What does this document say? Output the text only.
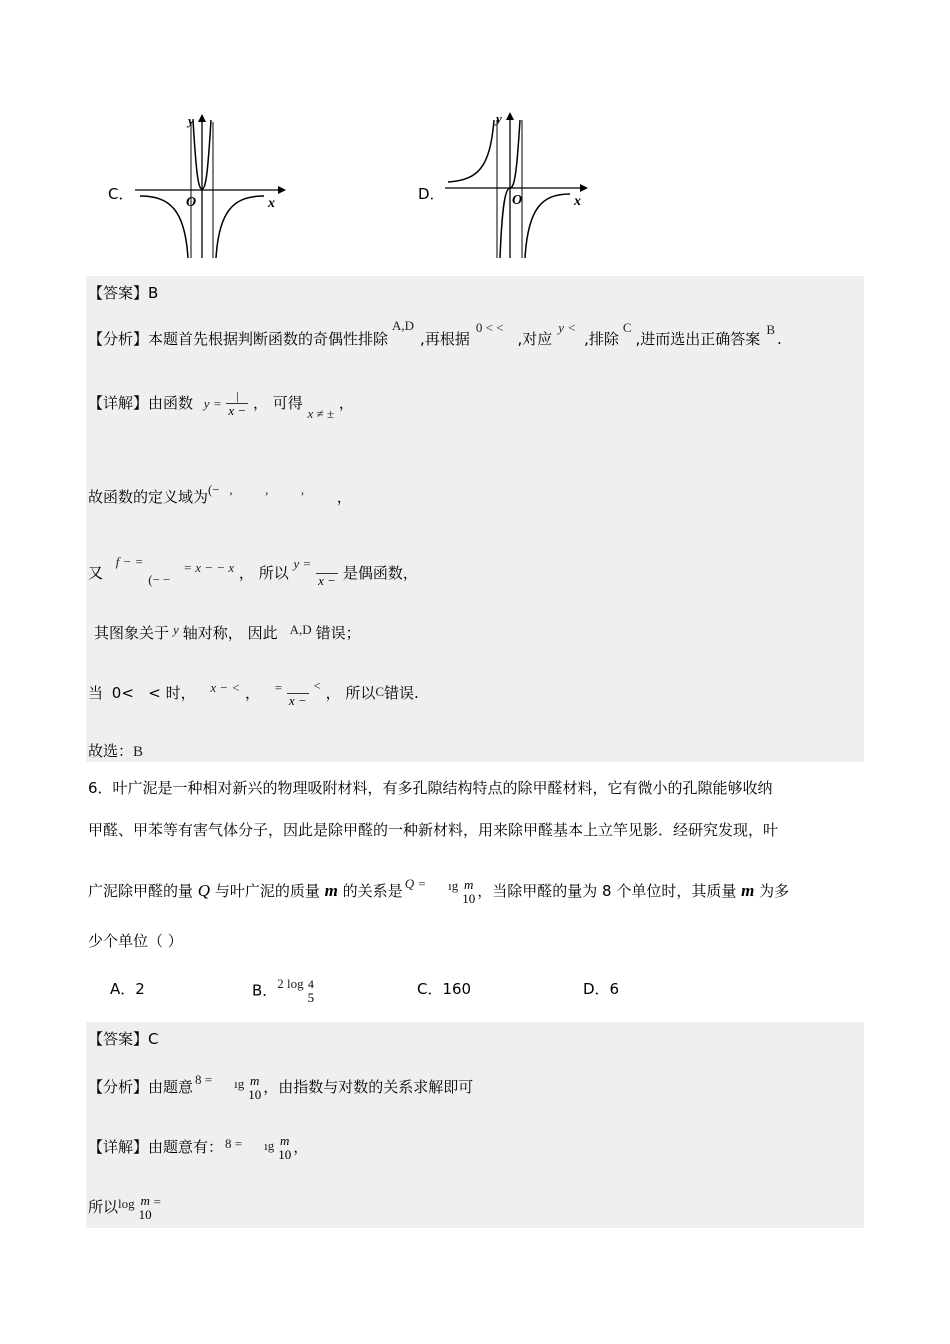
C．
y
x
O	D．
y
x
O
【答案】B
【分析】本题首先根据判断函数的奇偶性排除A,D,再根据0 < <,对应y <,排除C,进而选出正确答案B.
【详解】由函数 $y = \frac{|}{x -}$ ， 可得 x ≠ ± ，
故函数的定义域为(−   ,          ,          ,          ，
又 f − = (− − = x − − x ， 所以 y =

x − 是偶函数，
其图象关于 y 轴对称， 因此 A,D 错误；
当 0<   < 时， x − < ， =

x −
< ， 所以C错误.
故选：B
6．叶广泥是一种相对新兴的物理吸附材料，有多孔隙结构特点的除甲醛材料，它有微小的孔隙能够收纳
甲醛、甲苯等有害气体分子，因此是除甲醛的一种新材料，用来除甲醛基本上立竿见影．经研究发现，叶
广泥除甲醛的量 Q 与叶广泥的质量 m 的关系是 Q = ıg m
10 ，当除甲醛的量为 8 个单位时，其质量 m 为多
少个单位（ ）
A．2	B．2 log 4
5	C．160	D．6
【答案】C
【分析】由题意 8 = ıg m
10 ，由指数与对数的关系求解即可
【详解】由题意有： 8 = ıg m
10 ，
所以log m
10
=
